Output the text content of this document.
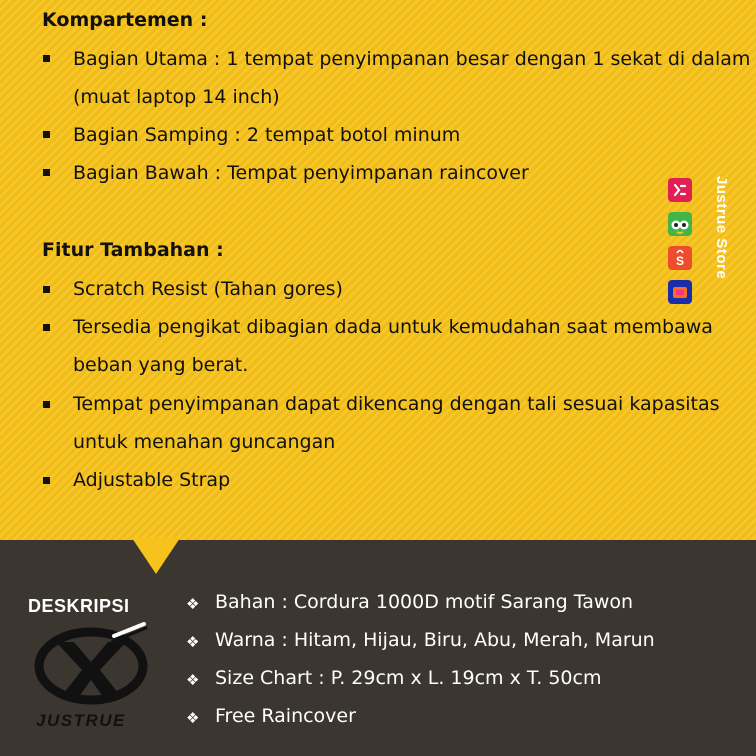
Kompartemen :
Bagian Utama : 1 tempat penyimpanan besar dengan 1 sekat di dalam
(muat laptop 14 inch)
Bagian Samping : 2 tempat botol minum
Bagian Bawah : Tempat penyimpanan raincover
Fitur Tambahan :
Scratch Resist (Tahan gores)
Tersedia pengikat dibagian dada untuk kemudahan saat membawa
beban yang berat.
Tempat penyimpanan dapat dikencang dengan tali sesuai kapasitas
untuk menahan guncangan
Adjustable Strap
S	Justrue Store
DESKRIPSI
JUSTRUE
❖ Bahan : Cordura 1000D motif Sarang Tawon
❖ Warna : Hitam, Hijau, Biru, Abu, Merah, Marun
❖ Size Chart : P. 29cm x L. 19cm x T. 50cm
❖ Free Raincover
